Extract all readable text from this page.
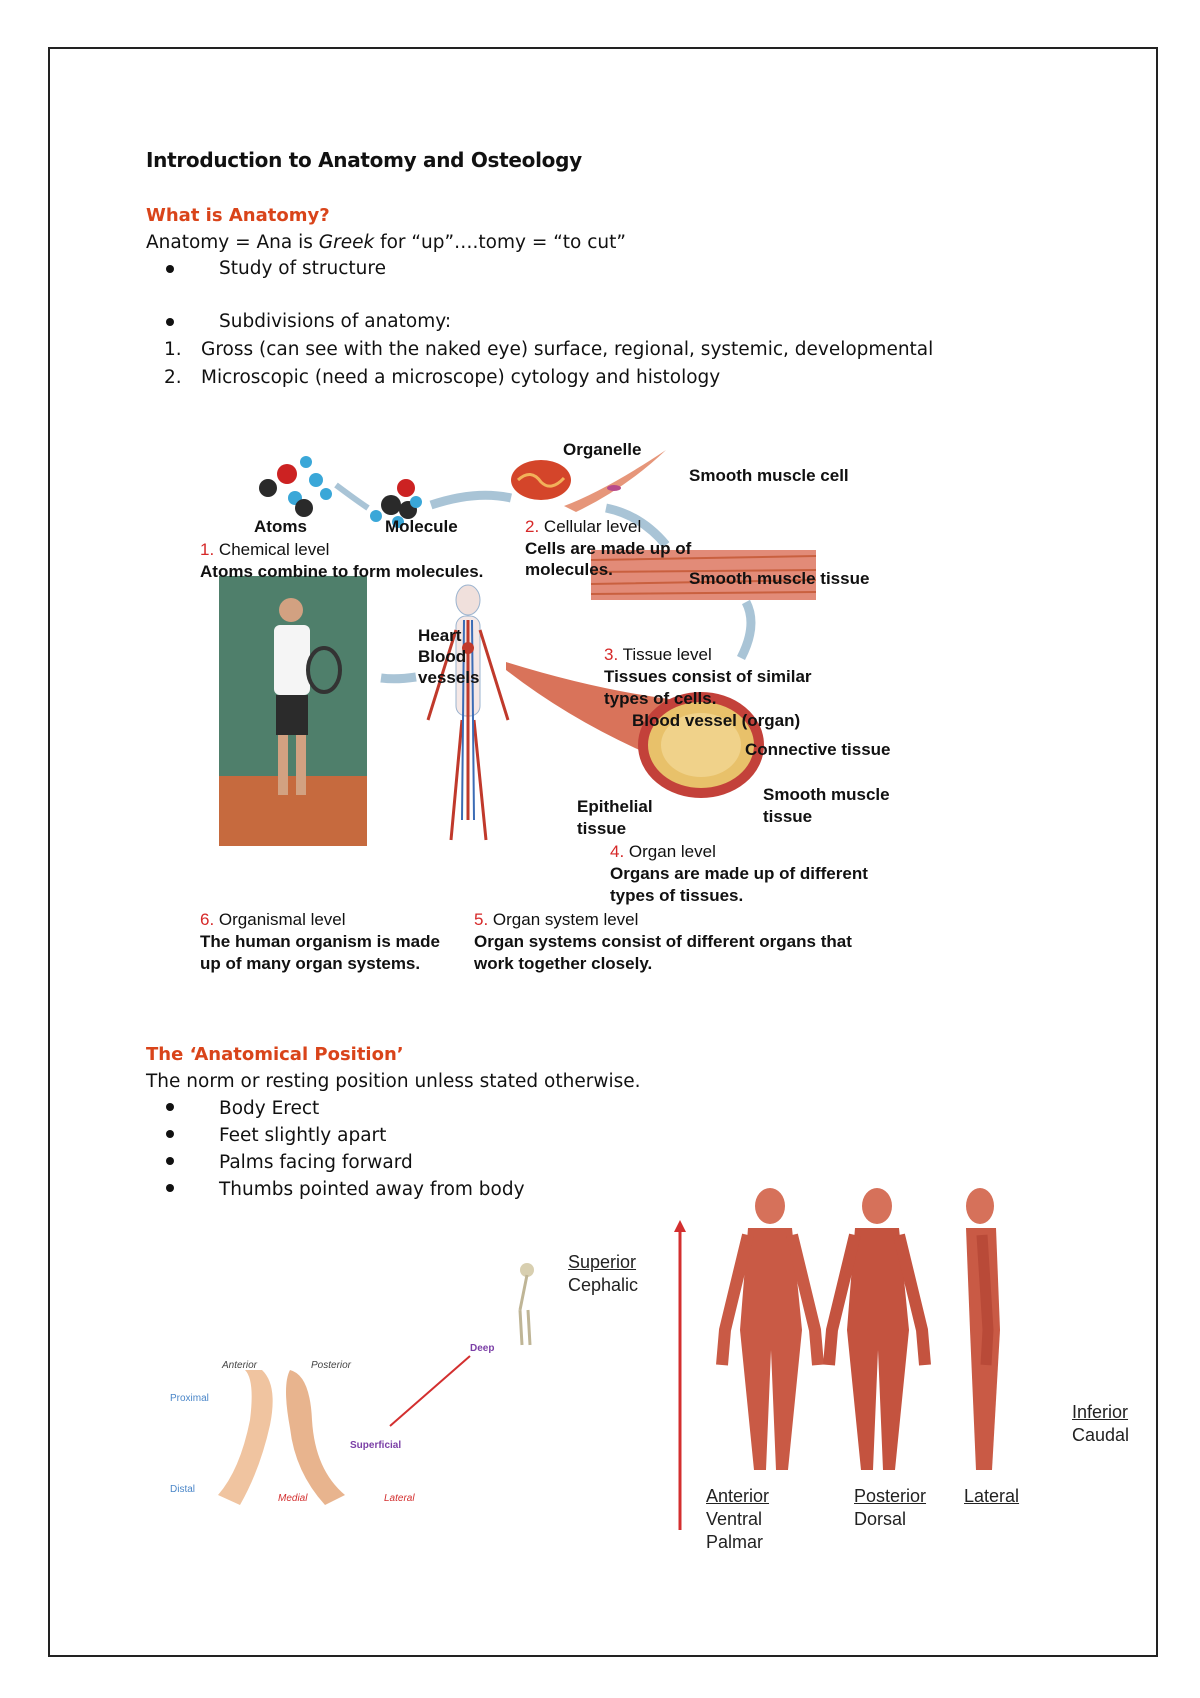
Introduction to Anatomy and Osteology
What is Anatomy?
Anatomy = Ana is Greek for “up”….tomy = “to cut”
Study of structure
Subdivisions of anatomy:
1. Gross (can see with the naked eye) surface, regional, systemic, developmental
2. Microscopic (need a microscope) cytology and histology
Atoms	Molecule
Organelle
Smooth muscle cell
Smooth muscle tissue
Heart
Blood
vessels
Blood vessel (organ)
Connective tissue
Smooth muscle
tissue
Epithelial
tissue
1. Chemical level
Atoms combine to form molecules.
2. Cellular level
Cells are made up of
molecules.
3. Tissue level
Tissues consist of similar
types of cells.
4. Organ level
Organs are made up of different
types of tissues.
5. Organ system level
Organ systems consist of different organs that
work together closely.
6. Organismal level
The human organism is made
up of many organ systems.
The ‘Anatomical Position’
The norm or resting position unless stated otherwise.
Body Erect
Feet slightly apart
Palms facing forward
Thumbs pointed away from body
Anterior	Posterior
Proximal
Distal
Medial	Lateral
Superficial
Deep
Superior
Cephalic
Inferior
Caudal
Anterior
Ventral
Palmar
Posterior
Dorsal
Lateral
